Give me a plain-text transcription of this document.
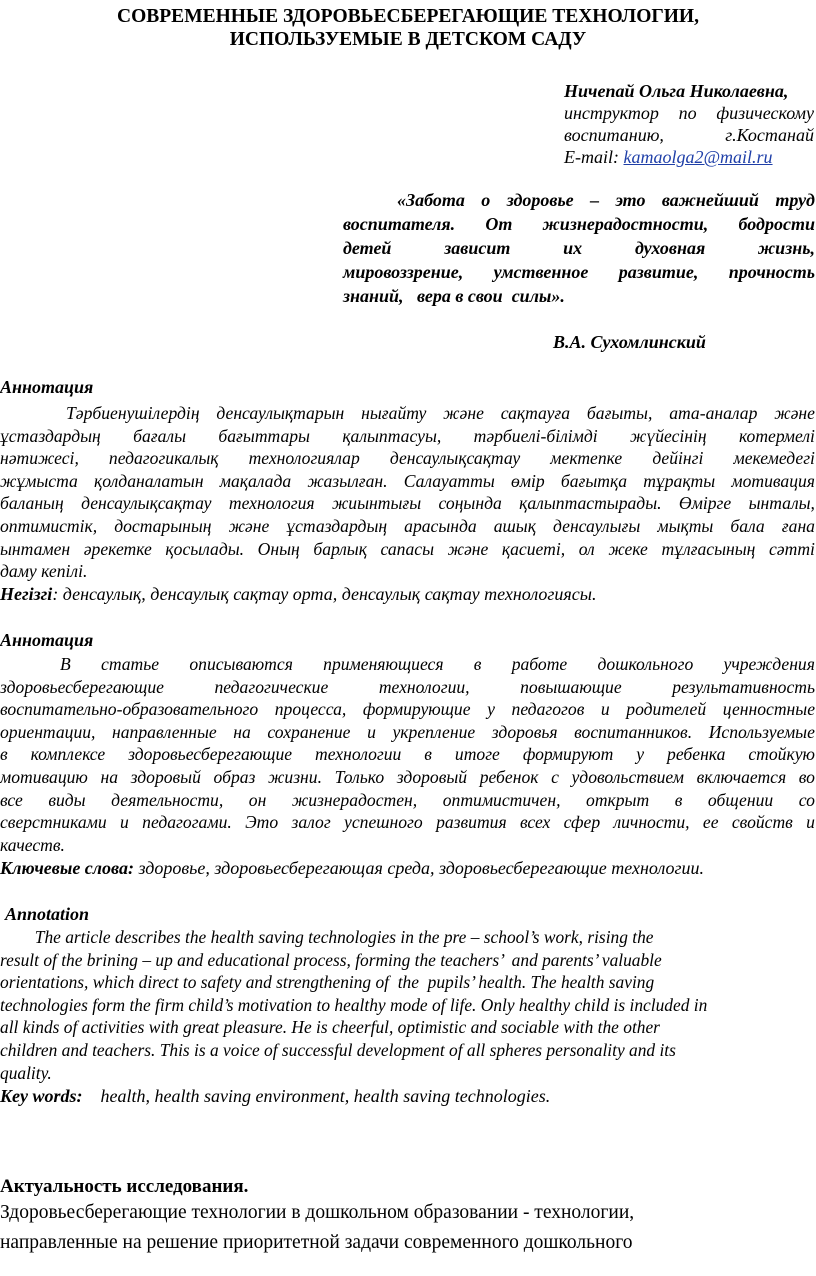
СОВРЕМЕННЫЕ ЗДОРОВЬЕСБЕРЕГАЮЩИЕ ТЕХНОЛОГИИ,
ИСПОЛЬЗУЕМЫЕ В ДЕТСКОМ САДУ
Ничепай Ольга Николаевна,
инструктор по физическому
воспитанию,	г.Костанай
E-mail: kamaolga2@mail.ru
«Забота о здоровье – это важнейший труд
воспитателя. От жизнерадостности, бодрости
детей	зависит	их	духовная	жизнь,
мировоззрение, умственное развитие, прочность
знаний,   вера в свои  силы».
В.А. Сухомлинский
Аннотация
Тәрбиенушілердің денсаулықтарын нығайту және сақтауға бағыты, ата-аналар және
ұстаздардың бағалы бағыттары қалыптасуы, тәрбиелі-білімді жүйесінің котермелі
нәтижесі, педагогикалық технологиялар денсаулықсақтау мектепке дейінгі мекемедегі
жұмыста қолданалатын мақалада жазылған. Салауатты өмір бағытқа тұрақты мотивация
баланың денсаулықсақтау технология жиынтығы соңында қалыптастырады. Өмірге ынталы,
оптимистік, достарының және ұстаздардың арасында ашық денсаулығы мықты бала ғана
ынтамен әрекетке қосылады. Оның барлық сапасы және қасиеті, ол жеке тұлғасының сәтті
даму кепілі.
Негізгі: денсаулық, денсаулық сақтау орта, денсаулық сақтау технологиясы.
Аннотация
В статье описываются применяющиеся в работе дошкольного учреждения
здоровьесберегающие	педагогические	технологии,	повышающие	результативность
воспитательно-образовательного процесса, формирующие у педагогов и родителей ценностные
ориентации, направленные на сохранение и укрепление здоровья воспитанников. Используемые
в комплексе здоровьесберегающие технологии в итоге формируют у ребенка стойкую
мотивацию на здоровый образ жизни. Только здоровый ребенок с удовольствием включается во
все виды деятельности, он жизнерадостен, оптимистичен, открыт в общении со
сверстниками и педагогами. Это залог успешного развития всех сфер личности, ее свойств и
качеств.
Ключевые слова: здоровье, здоровьесберегающая среда, здоровьесберегающие технологии.
Annotation
The article describes the health saving technologies in the pre – school’s work, rising the
result of the brining – up and educational process, forming the teachers’  and parents’ valuable
orientations, which direct to safety and strengthening of  the  pupils’ health. The health saving
technologies form the firm child’s motivation to healthy mode of life. Only healthy child is included in
all kinds of activities with great pleasure. He is cheerful, optimistic and sociable with the other
children and teachers. This is a voice of successful development of all spheres personality and its
quality.
Key words:    health, health saving environment, health saving technologies.
Актуальность исследования.
Здоровьесберегающие технологии в дошкольном образовании - технологии,
направленные на решение приоритетной задачи современного дошкольного
